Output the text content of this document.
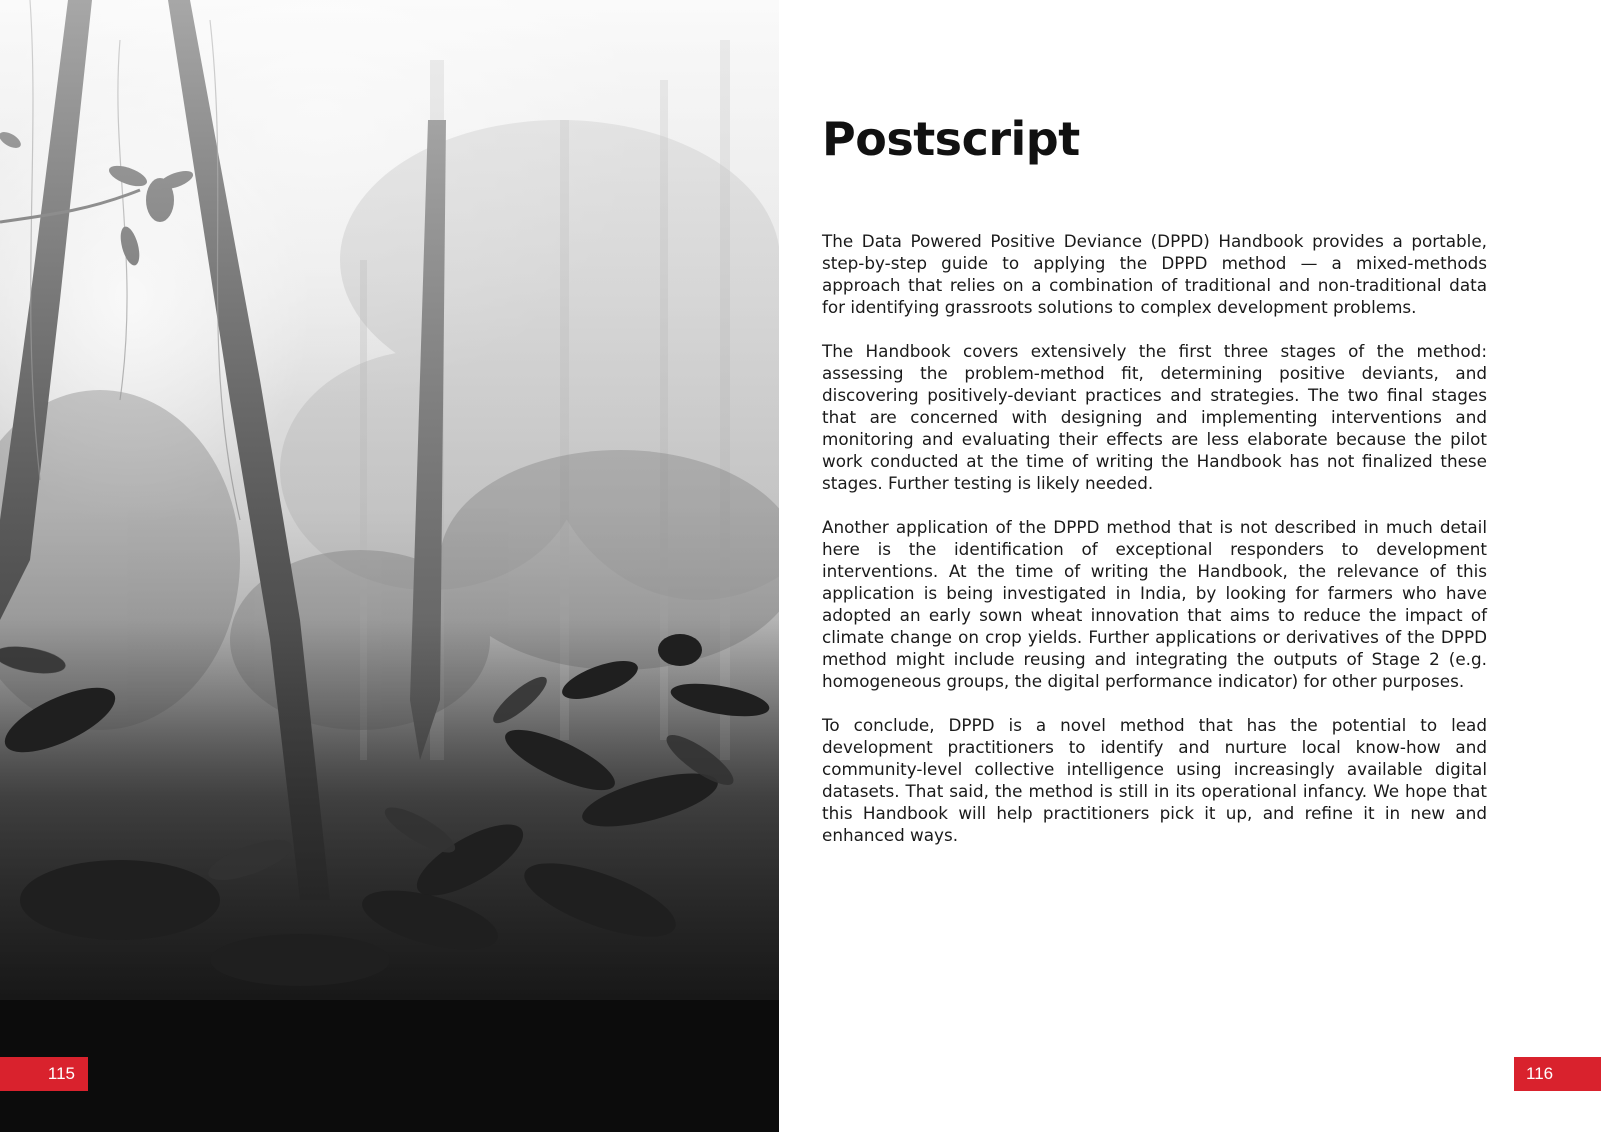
115
Postscript

The Data Powered Positive Deviance (DPPD) Handbook provides a portable, step-by-step guide to applying the DPPD method — a mixed-methods approach that relies on a combination of traditional and non-traditional data for identifying grassroots solutions to complex development problems.

The Handbook covers extensively the first three stages of the method: assessing the problem-method fit, determining positive deviants, and discovering positively-deviant practices and strategies. The two final stages that are concerned with designing and implementing interventions and monitoring and evaluating their effects are less elaborate because the pilot work conducted at the time of writing the Handbook has not finalized these stages. Further testing is likely needed.

Another application of the DPPD method that is not described in much detail here is the identification of exceptional responders to development interventions. At the time of writing the Handbook, the relevance of this application is being investigated in India, by looking for farmers who have adopted an early sown wheat innovation that aims to reduce the impact of climate change on crop yields. Further applications or derivatives of the DPPD method might include reusing and integrating the outputs of Stage 2 (e.g. homogeneous groups, the digital performance indicator) for other purposes.

To conclude, DPPD is a novel method that has the potential to lead development practitioners to identify and nurture local know-how and community-level collective intelligence using increasingly available digital datasets. That said, the method is still in its operational infancy. We hope that this Handbook will help practitioners pick it up, and refine it in new and enhanced ways.

116
